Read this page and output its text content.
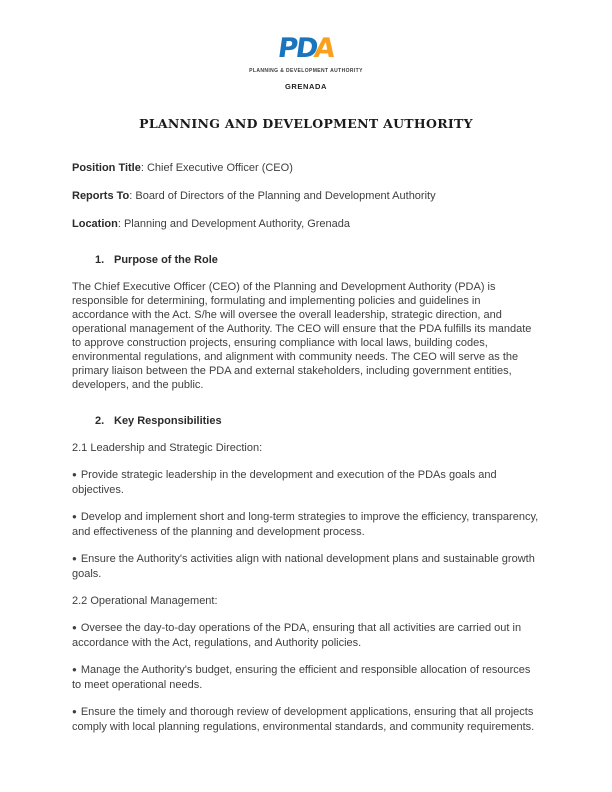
PDA
PLANNING & DEVELOPMENT AUTHORITY
GRENADA
PLANNING AND DEVELOPMENT AUTHORITY

Position Title: Chief Executive Officer (CEO)

Reports To: Board of Directors of the Planning and Development Authority

Location: Planning and Development Authority, Grenada

1. Purpose of the Role

The Chief Executive Officer (CEO) of the Planning and Development Authority (PDA) is responsible for determining, formulating and implementing policies and guidelines in accordance with the Act. S/he will oversee the overall leadership, strategic direction, and operational management of the Authority. The CEO will ensure that the PDA fulfills its mandate to approve construction projects, ensuring compliance with local laws, building codes, environmental regulations, and alignment with community needs. The CEO will serve as the primary liaison between the PDA and external stakeholders, including government entities, developers, and the public.

2. Key Responsibilities

2.1 Leadership and Strategic Direction:

● Provide strategic leadership in the development and execution of the PDAs goals and objectives.

● Develop and implement short and long-term strategies to improve the efficiency, transparency, and effectiveness of the planning and development process.

● Ensure the Authority's activities align with national development plans and sustainable growth goals.

2.2 Operational Management:

● Oversee the day-to-day operations of the PDA, ensuring that all activities are carried out in accordance with the Act, regulations, and Authority policies.

● Manage the Authority's budget, ensuring the efficient and responsible allocation of resources to meet operational needs.

● Ensure the timely and thorough review of development applications, ensuring that all projects comply with local planning regulations, environmental standards, and community requirements.
